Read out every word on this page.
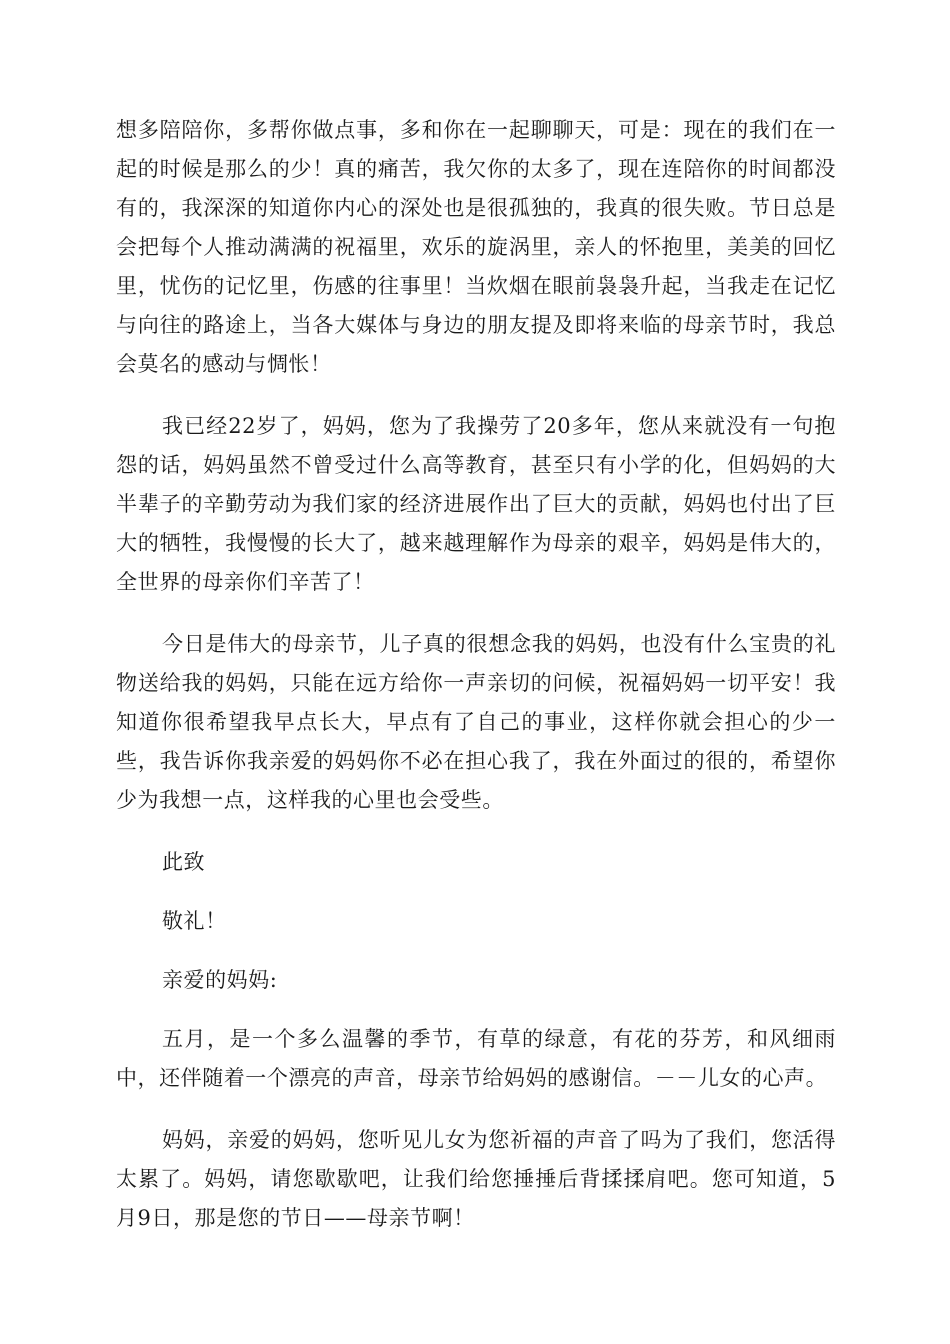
想多陪陪你，多帮你做点事，多和你在一起聊聊天，可是：现在的我们在一起的时候是那么的少！真的痛苦，我欠你的太多了，现在连陪你的时间都没有的，我深深的知道你内心的深处也是很孤独的，我真的很失败。节日总是会把每个人推动满满的祝福里，欢乐的旋涡里，亲人的怀抱里，美美的回忆里，忧伤的记忆里，伤感的往事里！当炊烟在眼前袅袅升起，当我走在记忆与向往的路途上，当各大媒体与身边的朋友提及即将来临的母亲节时，我总会莫名的感动与惆怅！

我已经22岁了，妈妈，您为了我操劳了20多年，您从来就没有一句抱怨的话，妈妈虽然不曾受过什么高等教育，甚至只有小学的化，但妈妈的大半辈子的辛勤劳动为我们家的经济进展作出了巨大的贡献，妈妈也付出了巨大的牺牲，我慢慢的长大了，越来越理解作为母亲的艰辛，妈妈是伟大的，全世界的母亲你们辛苦了！

今日是伟大的母亲节，儿子真的很想念我的妈妈，也没有什么宝贵的礼物送给我的妈妈，只能在远方给你一声亲切的问候，祝福妈妈一切平安！我知道你很希望我早点长大，早点有了自己的事业，这样你就会担心的少一些，我告诉你我亲爱的妈妈你不必在担心我了，我在外面过的很的，希望你少为我想一点，这样我的心里也会受些。

此致

敬礼！

亲爱的妈妈:

五月，是一个多么温馨的季节，有草的绿意，有花的芬芳，和风细雨中，还伴随着一个漂亮的声音，母亲节给妈妈的感谢信。－－儿女的心声。

妈妈，亲爱的妈妈，您听见儿女为您祈福的声音了吗为了我们，您活得太累了。妈妈，请您歇歇吧，让我们给您捶捶后背揉揉肩吧。您可知道，5月9日，那是您的节日——母亲节啊！
